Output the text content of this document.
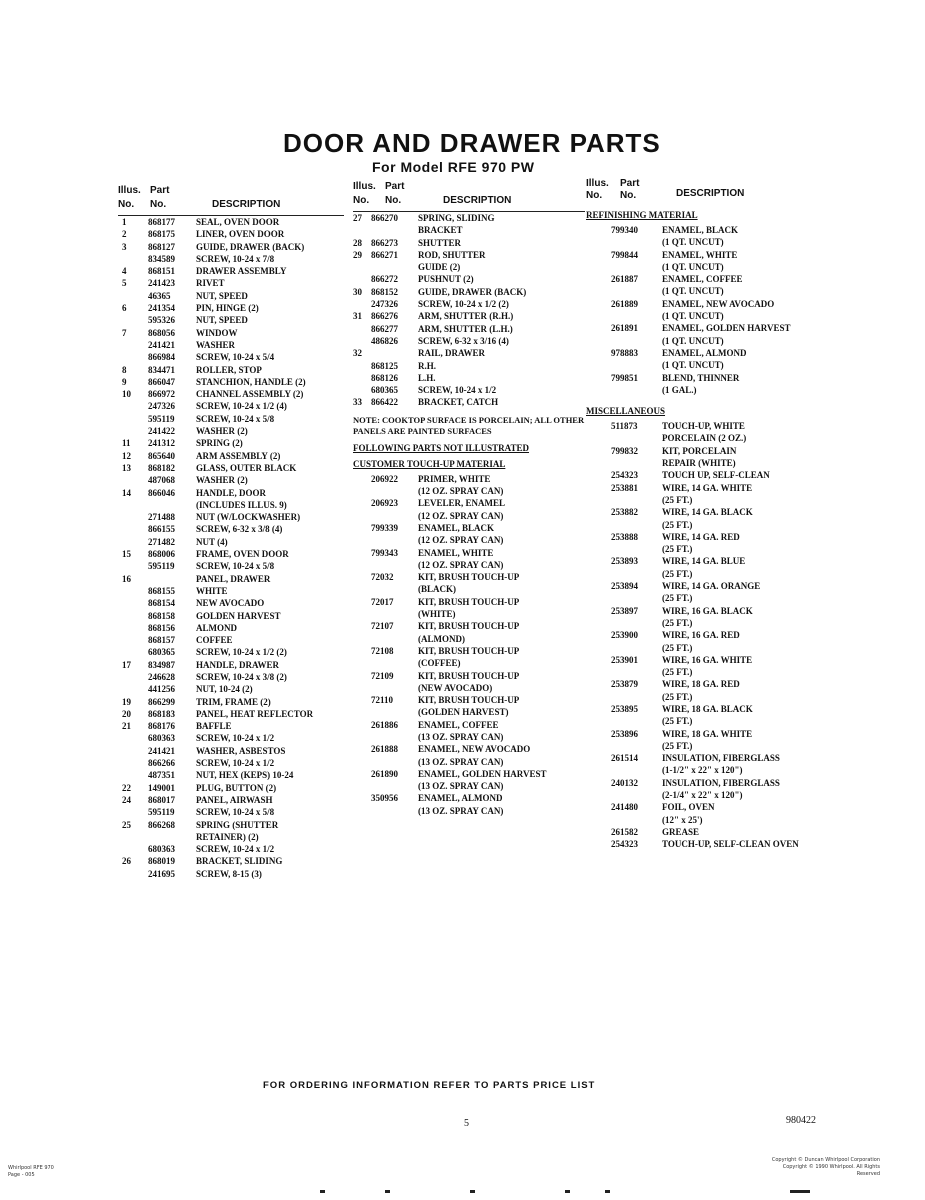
DOOR AND DRAWER PARTS
For Model RFE 970 PW
Illus. Part
No. No.	DESCRIPTION
1 868177 SEAL, OVEN DOOR
2 868175 LINER, OVEN DOOR
3 868127 GUIDE, DRAWER (BACK)
834589 SCREW, 10-24 x 7/8
4 868151 DRAWER ASSEMBLY
5 241423 RIVET
46365	NUT, SPEED
6 241354 PIN, HINGE (2)
595326 NUT, SPEED
7 868056 WINDOW
241421 WASHER
866984 SCREW, 10-24 x 5/4
8 834471 ROLLER, STOP
9 866047 STANCHION, HANDLE (2)
10 866972 CHANNEL ASSEMBLY (2)
247326 SCREW, 10-24 x 1/2 (4)
595119 SCREW, 10-24 x 5/8
241422 WASHER (2)
11 241312 SPRING (2)
12 865640 ARM ASSEMBLY (2)
13 868182 GLASS, OUTER BLACK
487068 WASHER (2)
14 866046 HANDLE, DOOR
(INCLUDES ILLUS. 9)
271488 NUT (W/LOCKWASHER)
866155 SCREW, 6-32 x 3/8 (4)
271482 NUT (4)
15 868006 FRAME, OVEN DOOR
595119 SCREW, 10-24 x 5/8
16	PANEL, DRAWER
868155 WHITE
868154 NEW AVOCADO
868158 GOLDEN HARVEST
868156 ALMOND
868157 COFFEE
680365 SCREW, 10-24 x 1/2 (2)
17 834987 HANDLE, DRAWER
246628 SCREW, 10-24 x 3/8 (2)
441256 NUT, 10-24 (2)
19 866299 TRIM, FRAME (2)
20 868183 PANEL, HEAT REFLECTOR
21 868176 BAFFLE
680363 SCREW, 10-24 x 1/2
241421 WASHER, ASBESTOS
866266 SCREW, 10-24 x 1/2
487351 NUT, HEX (KEPS) 10-24
22 149001 PLUG, BUTTON (2)
24 868017 PANEL, AIRWASH
595119 SCREW, 10-24 x 5/8
25 866268 SPRING (SHUTTER
RETAINER) (2)
680363 SCREW, 10-24 x 1/2
26 868019 BRACKET, SLIDING
241695 SCREW, 8-15 (3)
Illus. Part
No. No.	DESCRIPTION
27 866270 SPRING, SLIDING
BRACKET
28 866273 SHUTTER
29 866271 ROD, SHUTTER
GUIDE (2)
866272 PUSHNUT (2)
30 868152 GUIDE, DRAWER (BACK)
247326 SCREW, 10-24 x 1/2 (2)
31 866276 ARM, SHUTTER (R.H.)
866277 ARM, SHUTTER (L.H.)
486826 SCREW, 6-32 x 3/16 (4)
32	RAIL, DRAWER
868125 R.H.
868126 L.H.
680365 SCREW, 10-24 x 1/2
33 866422 BRACKET, CATCH
NOTE: COOKTOP SURFACE IS PORCELAIN; ALL OTHER PANELS ARE PAINTED SURFACES
FOLLOWING PARTS NOT ILLUSTRATED
CUSTOMER TOUCH-UP MATERIAL
206922 PRIMER, WHITE
(12 OZ. SPRAY CAN)
206923 LEVELER, ENAMEL
(12 OZ. SPRAY CAN)
799339 ENAMEL, BLACK
(12 OZ. SPRAY CAN)
799343 ENAMEL, WHITE
(12 OZ. SPRAY CAN)
72032	KIT, BRUSH TOUCH-UP
(BLACK)
72017	KIT, BRUSH TOUCH-UP
(WHITE)
72107	KIT, BRUSH TOUCH-UP
(ALMOND)
72108	KIT, BRUSH TOUCH-UP
(COFFEE)
72109	KIT, BRUSH TOUCH-UP
(NEW AVOCADO)
72110	KIT, BRUSH TOUCH-UP
(GOLDEN HARVEST)
261886 ENAMEL, COFFEE
(13 OZ. SPRAY CAN)
261888 ENAMEL, NEW AVOCADO
(13 OZ. SPRAY CAN)
261890 ENAMEL, GOLDEN HARVEST
(13 OZ. SPRAY CAN)
350956 ENAMEL, ALMOND
(13 OZ. SPRAY CAN)
Illus. Part
No. No.	DESCRIPTION
REFINISHING MATERIAL
799340	ENAMEL, BLACK
(1 QT. UNCUT)
799844	ENAMEL, WHITE
(1 QT. UNCUT)
261887	ENAMEL, COFFEE
(1 QT. UNCUT)
261889	ENAMEL, NEW AVOCADO
(1 QT. UNCUT)
261891	ENAMEL, GOLDEN HARVEST
(1 QT. UNCUT)
978883	ENAMEL, ALMOND
(1 QT. UNCUT)
799851	BLEND, THINNER
(1 GAL.)
MISCELLANEOUS
511873	TOUCH-UP, WHITE
PORCELAIN (2 OZ.)
799832	KIT, PORCELAIN
REPAIR (WHITE)
254323	TOUCH UP, SELF-CLEAN
253881	WIRE, 14 GA. WHITE
(25 FT.)
253882	WIRE, 14 GA. BLACK
(25 FT.)
253888	WIRE, 14 GA. RED
(25 FT.)
253893	WIRE, 14 GA. BLUE
(25 FT.)
253894	WIRE, 14 GA. ORANGE
(25 FT.)
253897	WIRE, 16 GA. BLACK
(25 FT.)
253900	WIRE, 16 GA. RED
(25 FT.)
253901	WIRE, 16 GA. WHITE
(25 FT.)
253879	WIRE, 18 GA. RED
(25 FT.)
253895	WIRE, 18 GA. BLACK
(25 FT.)
253896	WIRE, 18 GA. WHITE
(25 FT.)
261514	INSULATION, FIBERGLASS
(1-1/2" x 22" x 120")
240132	INSULATION, FIBERGLASS
(2-1/4" x 22" x 120")
241480	FOIL, OVEN
(12" x 25')
261582	GREASE
254323	TOUCH-UP, SELF-CLEAN OVEN
FOR ORDERING INFORMATION REFER TO PARTS PRICE LIST
5	980422
Whirlpool RFE 970
Page - 005
Copyright © Duncan Whirlpool Corporation
Copyright © 1990 Whirlpool. All Rights Reserved
